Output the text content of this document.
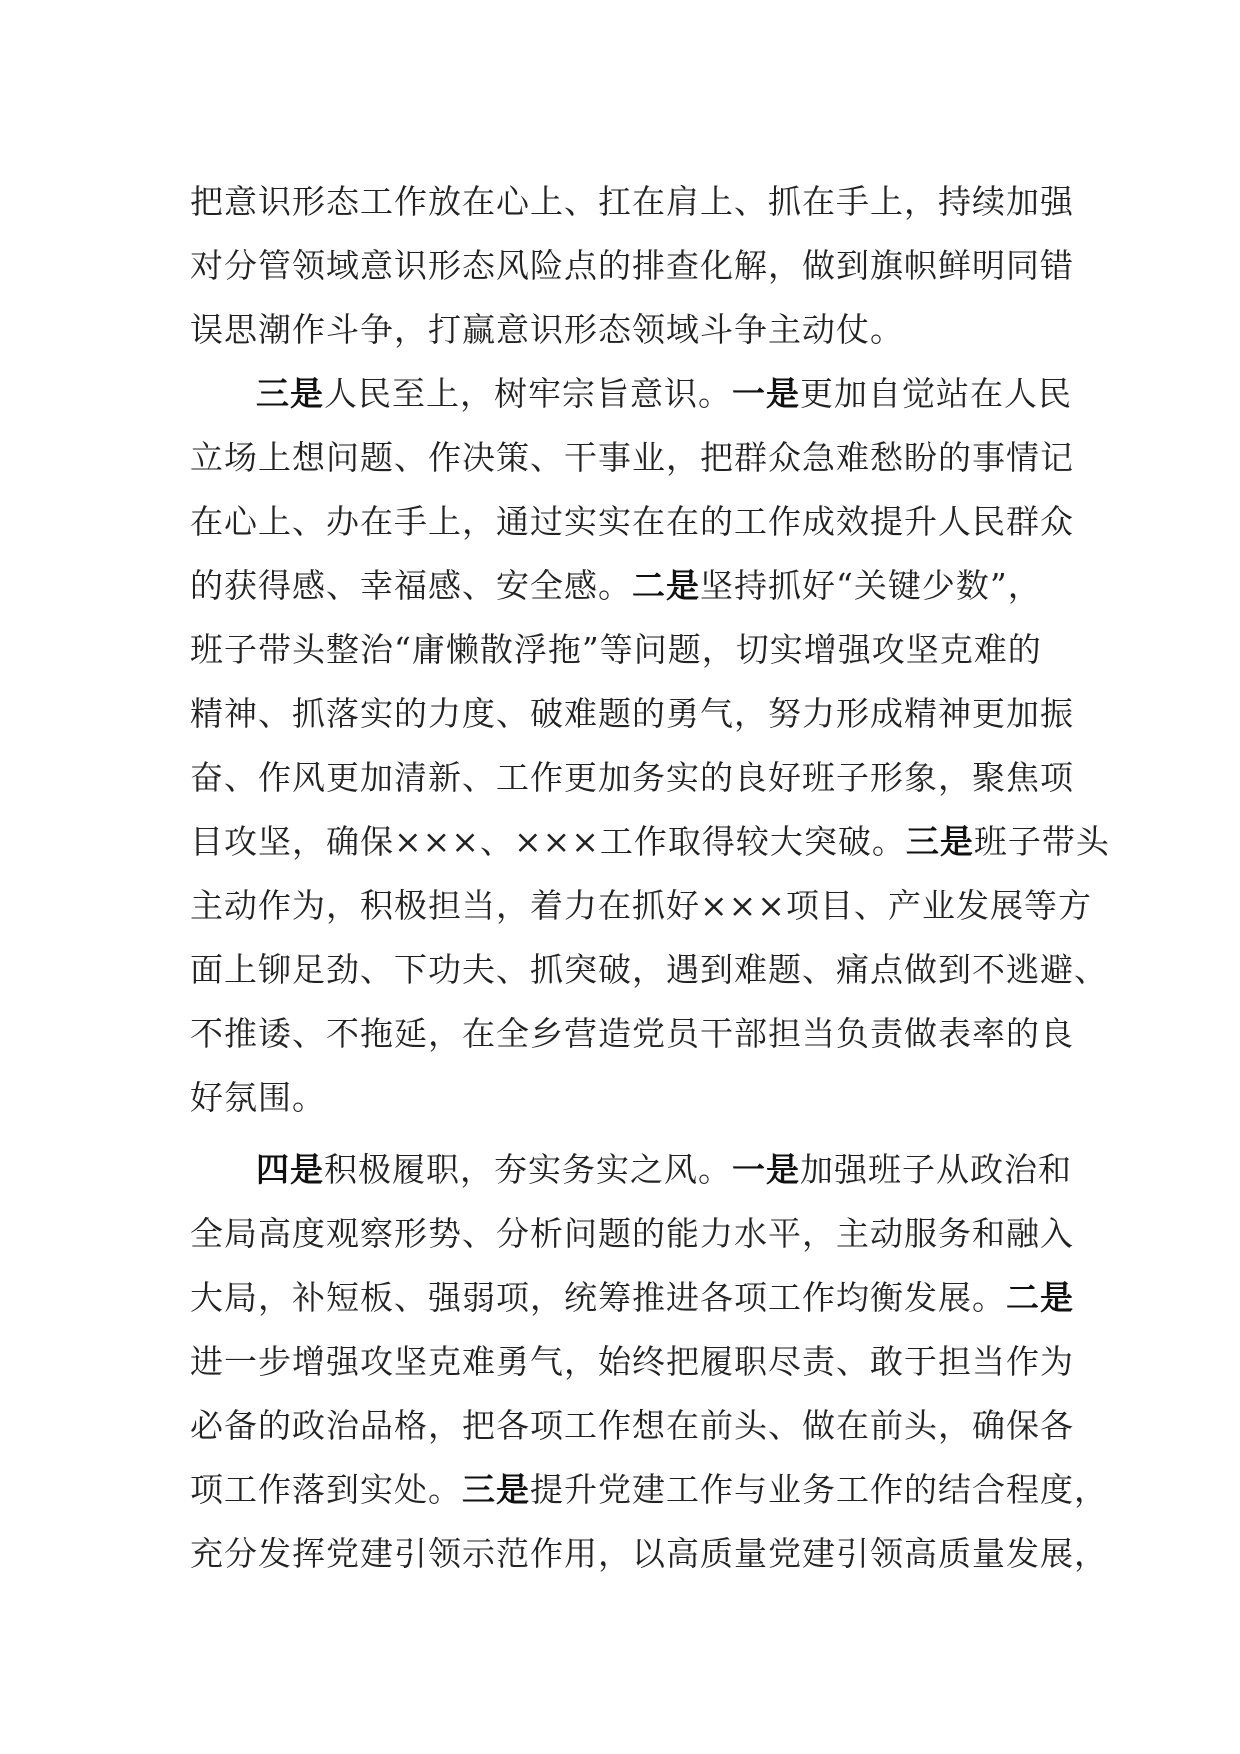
把意识形态工作放在心上、扛在肩上、抓在手上，持续加强
对分管领域意识形态风险点的排查化解，做到旗帜鲜明同错
误思潮作斗争，打赢意识形态领域斗争主动仗。
三是人民至上，树牢宗旨意识。一是更加自觉站在人民
立场上想问题、作决策、干事业，把群众急难愁盼的事情记
在心上、办在手上，通过实实在在的工作成效提升人民群众
的获得感、幸福感、安全感。二是坚持抓好“关键少数”，
班子带头整治“庸懒散浮拖”等问题，切实增强攻坚克难的
精神、抓落实的力度、破难题的勇气，努力形成精神更加振
奋、作风更加清新、工作更加务实的良好班子形象，聚焦项
目攻坚，确保×××、×××工作取得较大突破。三是班子带头
主动作为，积极担当，着力在抓好×××项目、产业发展等方
面上铆足劲、下功夫、抓突破，遇到难题、痛点做到不逃避、
不推诿、不拖延，在全乡营造党员干部担当负责做表率的良
好氛围。
四是积极履职，夯实务实之风。一是加强班子从政治和
全局高度观察形势、分析问题的能力水平，主动服务和融入
大局，补短板、强弱项，统筹推进各项工作均衡发展。二是
进一步增强攻坚克难勇气，始终把履职尽责、敢于担当作为
必备的政治品格，把各项工作想在前头、做在前头，确保各
项工作落到实处。三是提升党建工作与业务工作的结合程度，
充分发挥党建引领示范作用，以高质量党建引领高质量发展，
